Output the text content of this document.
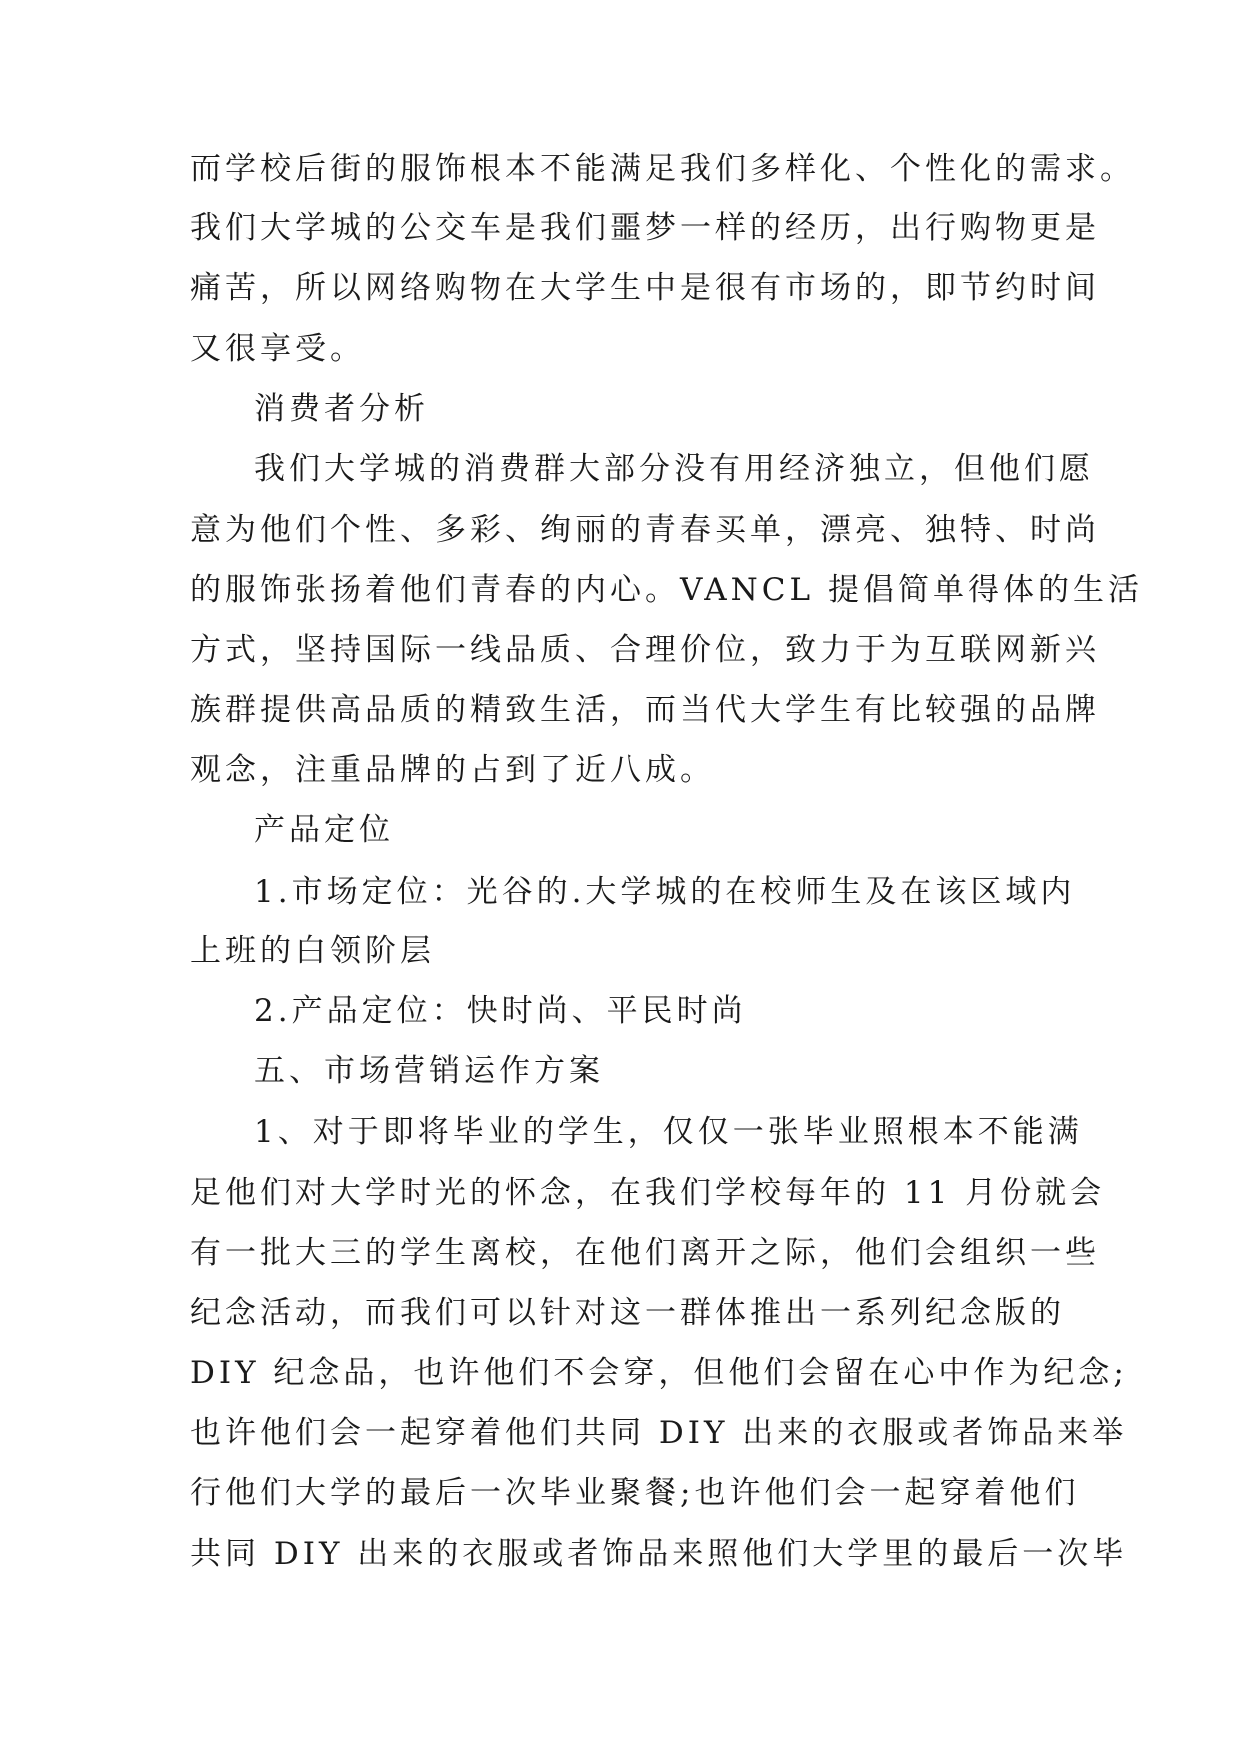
而学校后街的服饰根本不能满足我们多样化、个性化的需求。
我们大学城的公交车是我们噩梦一样的经历，出行购物更是
痛苦，所以网络购物在大学生中是很有市场的，即节约时间
又很享受。
消费者分析
我们大学城的消费群大部分没有用经济独立，但他们愿
意为他们个性、多彩、绚丽的青春买单，漂亮、独特、时尚
的服饰张扬着他们青春的内心。VANCL 提倡简单得体的生活
方式，坚持国际一线品质、合理价位，致力于为互联网新兴
族群提供高品质的精致生活，而当代大学生有比较强的品牌
观念，注重品牌的占到了近八成。
产品定位
1.市场定位：光谷的.大学城的在校师生及在该区域内
上班的白领阶层
2.产品定位：快时尚、平民时尚
五、市场营销运作方案
1、对于即将毕业的学生，仅仅一张毕业照根本不能满
足他们对大学时光的怀念，在我们学校每年的 11 月份就会
有一批大三的学生离校，在他们离开之际，他们会组织一些
纪念活动，而我们可以针对这一群体推出一系列纪念版的
DIY 纪念品，也许他们不会穿，但他们会留在心中作为纪念;
也许他们会一起穿着他们共同 DIY 出来的衣服或者饰品来举
行他们大学的最后一次毕业聚餐;也许他们会一起穿着他们
共同 DIY 出来的衣服或者饰品来照他们大学里的最后一次毕
